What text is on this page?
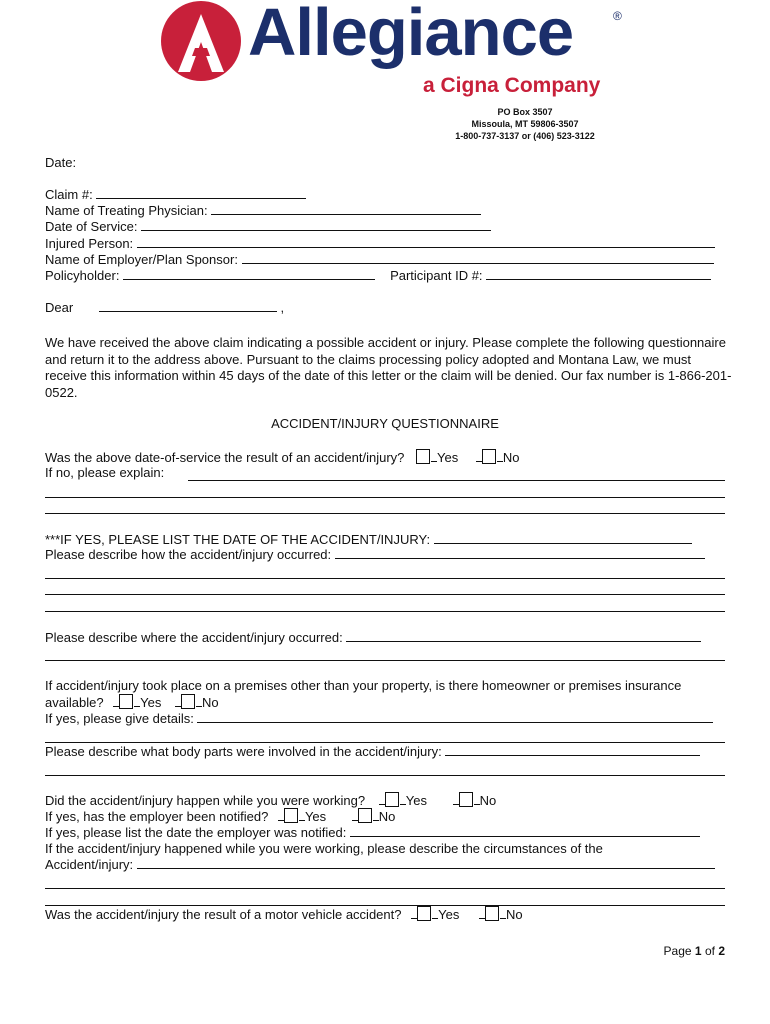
Allegiance	®
a Cigna Company
PO Box 3507
Missoula, MT 59806-3507
1-800-737-3137 or (406) 523-3122
Date:
Claim #:
Name of Treating Physician:
Date of Service:
Injured Person:
Name of Employer/Plan Sponsor:
Policyholder:	Participant ID #:
Dear	,
We have received the above claim indicating a possible accident or injury. Please complete the following questionnaire and return it to the address above. Pursuant to the claims processing policy adopted and Montana Law, we must receive this information within 45 days of the date of this letter or the claim will be denied. Our fax number is 1-866-201-0522.
ACCIDENT/INJURY QUESTIONNAIRE
Was the above date-of-service the result of an accident/injury?	Yes	No
If no, please explain:
***IF YES, PLEASE LIST THE DATE OF THE ACCIDENT/INJURY:
Please describe how the accident/injury occurred:
Please describe where the accident/injury occurred:
If accident/injury took place on a premises other than your property, is there homeowner or premises insurance
available?	Yes	No
If yes, please give details:
Please describe what body parts were involved in the accident/injury:
Did the accident/injury happen while you were working?	Yes	No
If yes, has the employer been notified?	Yes	No
If yes, please list the date the employer was notified:
If the accident/injury happened while you were working, please describe the circumstances of the
Accident/injury:
Was the accident/injury the result of a motor vehicle accident?	Yes	No
Page 1 of 2
